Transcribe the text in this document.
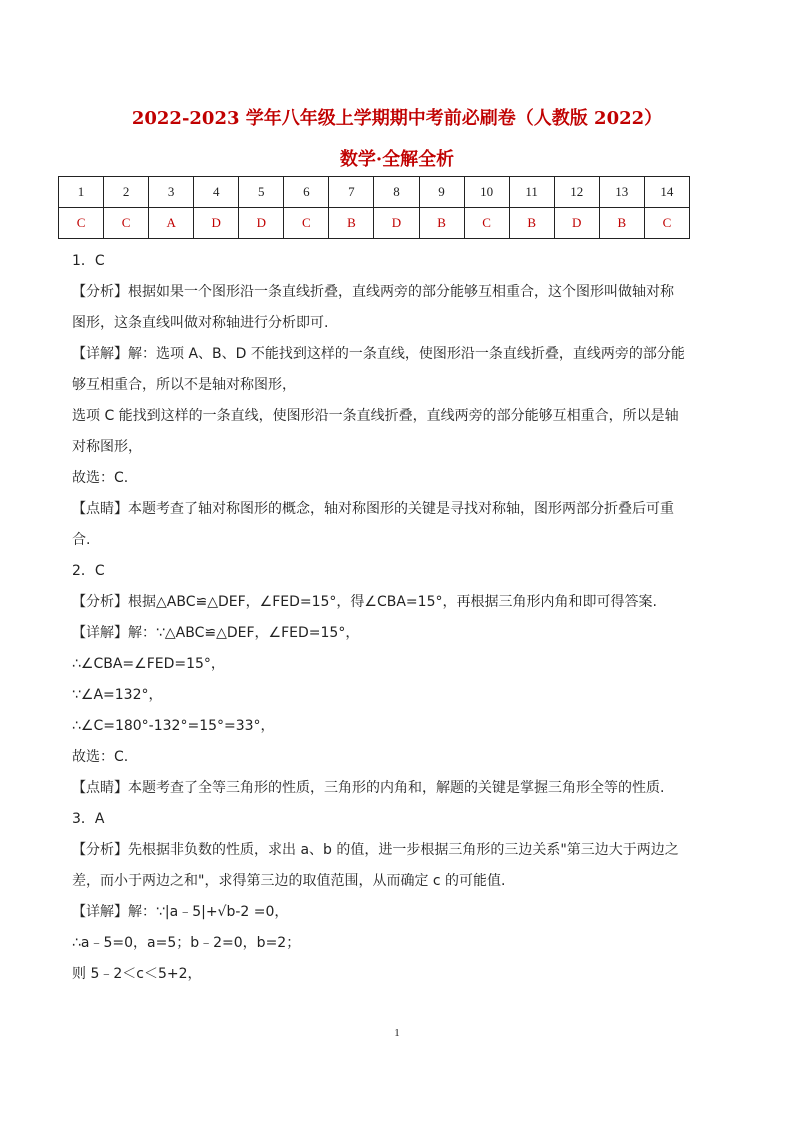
2022-2023 学年八年级上学期期中考前必刷卷（人教版 2022）
数学·全解全析
1	2	3	4	5	6	7	8	9	10	11	12	13	14
C	C	A	D	D	C	B	D	B	C	B	D	B	C

1．C

【分析】根据如果一个图形沿一条直线折叠，直线两旁的部分能够互相重合，这个图形叫做轴对称

图形，这条直线叫做对称轴进行分析即可.

【详解】解：选项 A、B、D 不能找到这样的一条直线，使图形沿一条直线折叠，直线两旁的部分能

够互相重合，所以不是轴对称图形，

选项 C 能找到这样的一条直线，使图形沿一条直线折叠，直线两旁的部分能够互相重合，所以是轴

对称图形，

故选：C.

【点睛】本题考查了轴对称图形的概念，轴对称图形的关键是寻找对称轴，图形两部分折叠后可重

合.

2．C

【分析】根据△ABC≌△DEF，∠FED=15°，得∠CBA=15°，再根据三角形内角和即可得答案.

【详解】解：∵△ABC≌△DEF，∠FED=15°，

∴∠CBA=∠FED=15°，

∵∠A=132°，

∴∠C=180°-132°=15°=33°，

故选：C.

【点睛】本题考查了全等三角形的性质，三角形的内角和，解题的关键是掌握三角形全等的性质.

3．A

【分析】先根据非负数的性质，求出 a、b 的值，进一步根据三角形的三边关系"第三边大于两边之

差，而小于两边之和"，求得第三边的取值范围，从而确定 c 的可能值.

【详解】解：∵|a﹣5|+√b-2 =0，

∴a﹣5=0，a=5；b﹣2=0，b=2；

则 5﹣2＜c＜5+2，

1
